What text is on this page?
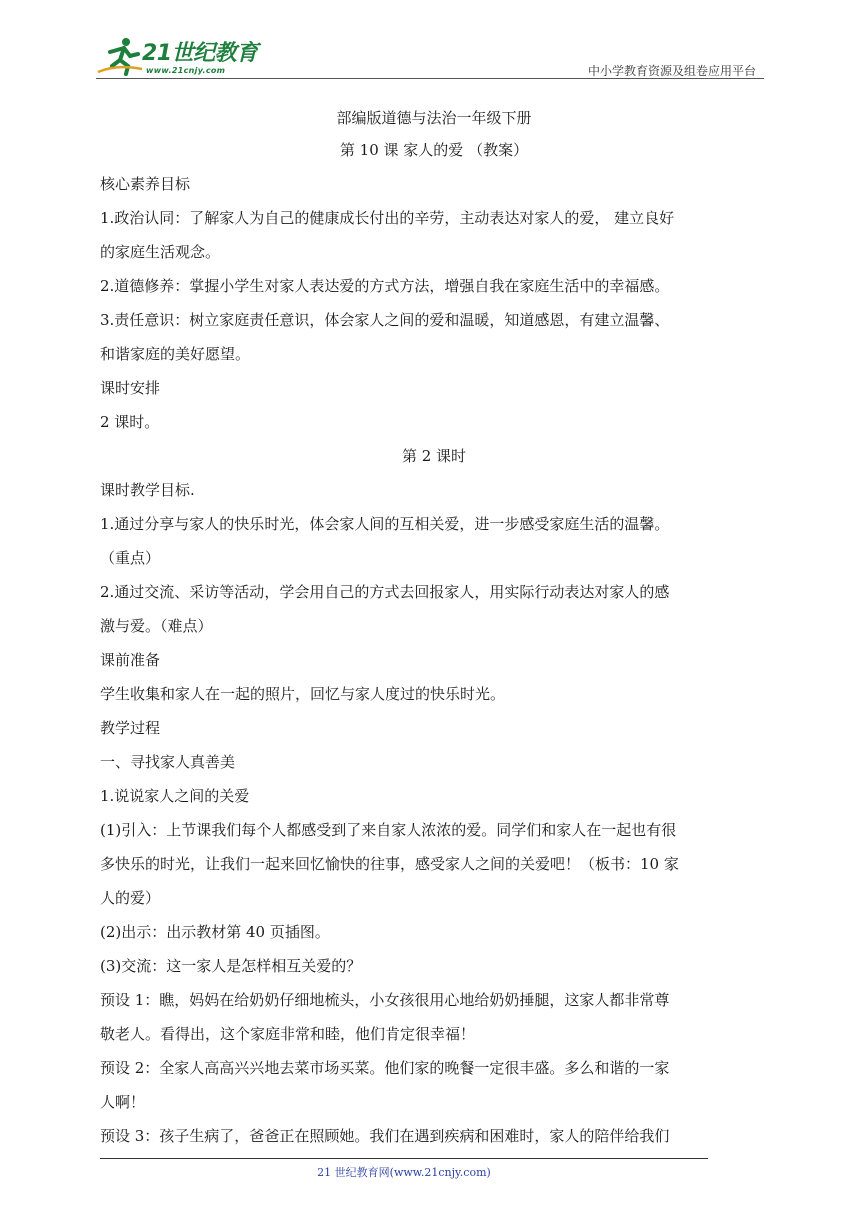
21世纪教育
www.21cnjy.com	中小学教育资源及组卷应用平台
部编版道德与法治一年级下册
第 10 课 家人的爱 （教案）
核心素养目标
1.政治认同：了解家人为自己的健康成长付出的辛劳，主动表达对家人的爱， 建立良好
的家庭生活观念。
2.道德修养：掌握小学生对家人表达爱的方式方法，增强自我在家庭生活中的幸福感。
3.责任意识：树立家庭责任意识，体会家人之间的爱和温暖，知道感恩，有建立温馨、
和谐家庭的美好愿望。
课时安排
2 课时。
第 2 课时
课时教学目标.
1.通过分享与家人的快乐时光，体会家人间的互相关爱，进一步感受家庭生活的温馨。
（重点）
2.通过交流、采访等活动，学会用自己的方式去回报家人，用实际行动表达对家人的感
激与爱。（难点）
课前准备
学生收集和家人在一起的照片，回忆与家人度过的快乐时光。
教学过程
一、寻找家人真善美
1.说说家人之间的关爱
(1)引入：上节课我们每个人都感受到了来自家人浓浓的爱。同学们和家人在一起也有很
多快乐的时光，让我们一起来回忆愉快的往事，感受家人之间的关爱吧！（板书：10 家
人的爱）
(2)出示：出示教材第 40 页插图。
(3)交流：这一家人是怎样相互关爱的？
预设 1：瞧，妈妈在给奶奶仔细地梳头，小女孩很用心地给奶奶捶腿，这家人都非常尊
敬老人。看得出，这个家庭非常和睦，他们肯定很幸福！
预设 2：全家人高高兴兴地去菜市场买菜。他们家的晚餐一定很丰盛。多么和谐的一家
人啊！
预设 3：孩子生病了，爸爸正在照顾她。我们在遇到疾病和困难时，家人的陪伴给我们
21 世纪教育网(www.21cnjy.com)
